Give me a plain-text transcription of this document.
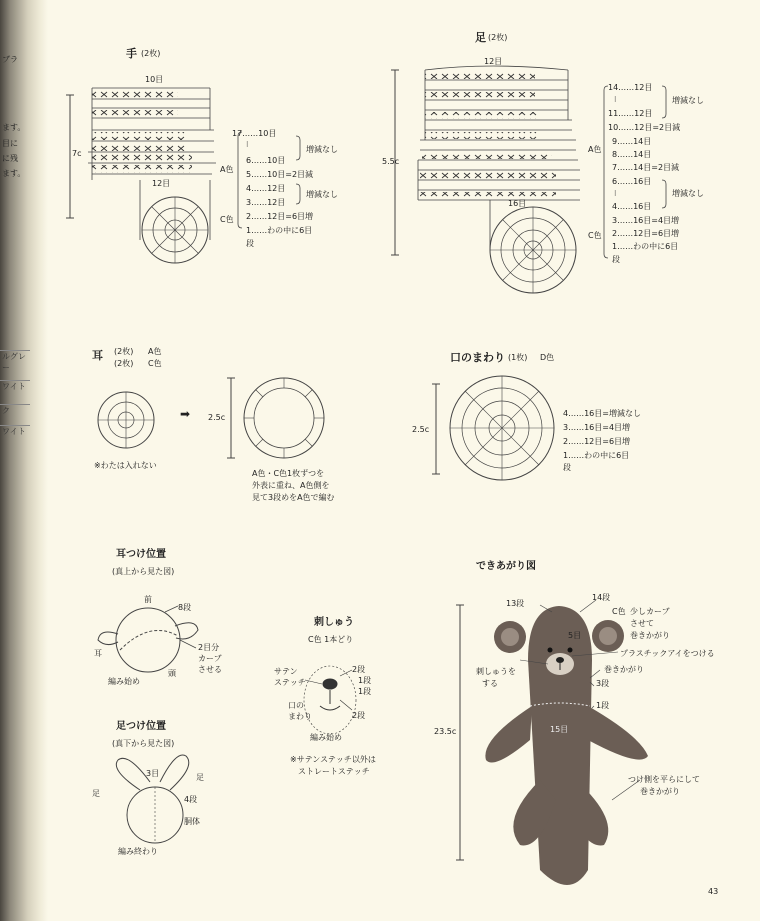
ブラ
ます。
目に
に残
ます。
ルグレー
ワイト
ク
ワイト
手 (2枚)
10目
7c
12目
A色
C色
17……10目
⁝
6……10目
5……10目=2目減
4……12目
3……12目
2……12目=6目増
1……わの中に6目
段
増減なし
増減なし
足 (2枚)
12目
5.5c
16目
A色
C色
14……12目
⁝
11……12目
10……12目=2目減
9……14目
8……14目
7……14目=2目減
6……16目
⁝
4……16目
3……16目=4目増
2……12目=6目増
1……わの中に6目
段
増減なし
増減なし
耳 (2枚) A色
(2枚) C色
➡ 2.5c
※わたは入れない
A色・C色1枚ずつを
外表に重ね、A色側を
見て3段めをA色で編む
口のまわり (1枚) D色
2.5c
4……16目=増減なし
3……16目=4目増
2……12目=6目増
1……わの中に6目
段
耳つけ位置
(真上から見た図)
前
8段
耳
2目分
カーブ
させる
頭
編み始め
足つけ位置
(真下から見た図)
3目	足
足
4段
胴体
編み終わり
刺しゅう
C色 1本どり
サテン
ステッチ
口の
まわり
編み始め
2段
1段
1段
2段
※サテンステッチ以外は
ストレートステッチ
できあがり図
13段
14段
C色 少しカーブ
させて
巻きかがり
5目
プラスチックアイをつける
刺しゅうを
する
巻きかがり
3段
1段
15目
23.5c
つけ側を平らにして
巻きかがり
43
